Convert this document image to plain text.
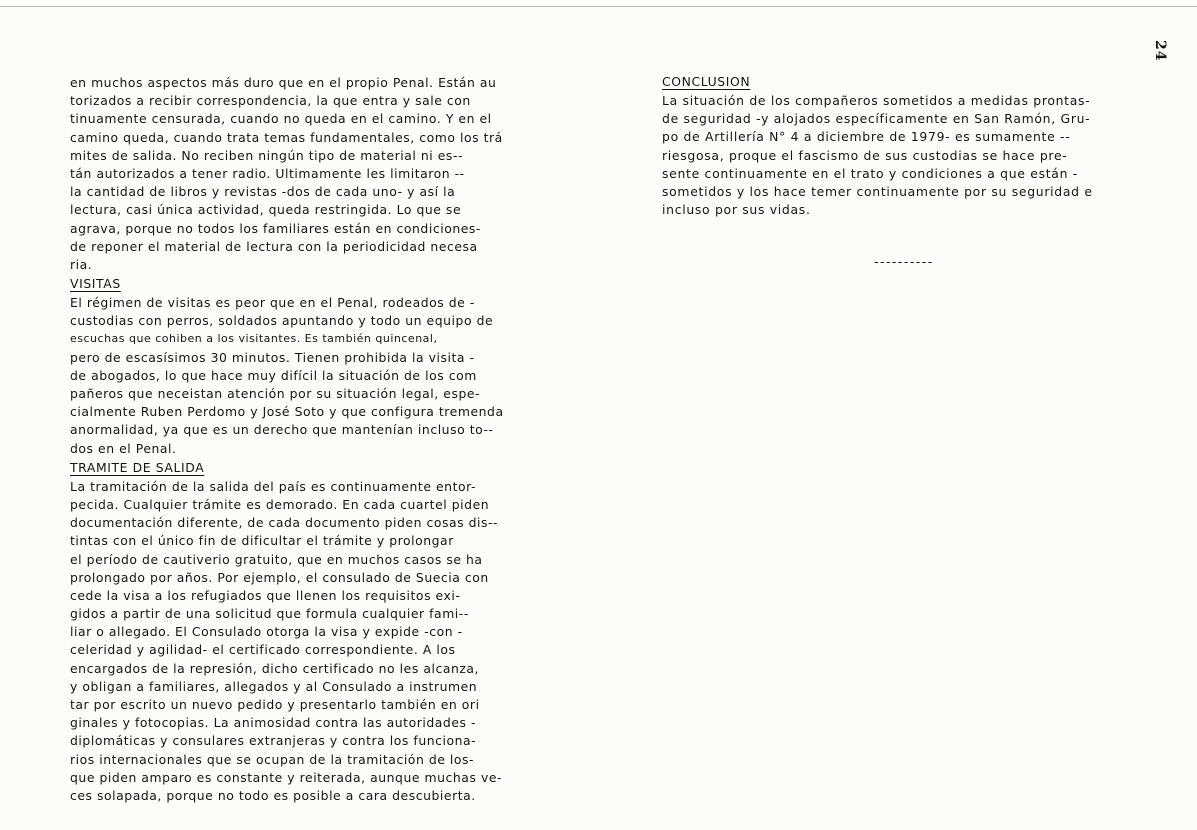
24
en muchos aspectos más duro que en el propio Penal. Están au
torizados a recibir correspondencia, la que entra y sale con
tinuamente censurada, cuando no queda en el camino. Y en el
camino queda, cuando trata temas fundamentales, como los trá
mites de salida. No reciben ningún tipo de material ni es--
tán autorizados a tener radio. Ultimamente les limitaron --
la cantidad de libros y revistas -dos de cada uno- y así la
lectura, casi única actividad, queda restringida. Lo que se
agrava, porque no todos los familiares están en condiciones-
de reponer el material de lectura con la periodicidad necesa
ria.
VISITAS
El régimen de visitas es peor que en el Penal, rodeados de -
custodias con perros, soldados apuntando y todo un equipo de
escuchas que cohiben a los visitantes. Es también quincenal,
pero de escasísimos 30 minutos. Tienen prohibida la visita -
de abogados, lo que hace muy difícil la situación de los com
pañeros que neceistan atención por su situación legal, espe-
cialmente Ruben Perdomo y José Soto y que configura tremenda
anormalidad, ya que es un derecho que mantenían incluso to--
dos en el Penal.
TRAMITE DE SALIDA
La tramitación de la salida del país es continuamente entor-
pecida. Cualquier trámite es demorado. En cada cuartel piden
documentación diferente, de cada documento piden cosas dis--
tintas con el único fin de dificultar el trámite y prolongar
el período de cautiverio gratuito, que en muchos casos se ha
prolongado por años. Por ejemplo, el consulado de Suecia con
cede la visa a los refugiados que llenen los requisitos exi-
gidos a partir de una solicitud que formula cualquier fami--
liar o allegado. El Consulado otorga la visa y expide -con -
celeridad y agilidad- el certificado correspondiente. A los
encargados de la represión, dicho certificado no les alcanza,
y obligan a familiares, allegados y al Consulado a instrumen
tar por escrito un nuevo pedido y presentarlo también en ori
ginales y fotocopias. La animosidad contra las autoridades -
diplomáticas y consulares extranjeras y contra los funciona-
rios internacionales que se ocupan de la tramitación de los-
que piden amparo es constante y reiterada, aunque muchas ve-
ces solapada, porque no todo es posible a cara descubierta.
CONCLUSION
La situación de los compañeros sometidos a medidas prontas-
de seguridad -y alojados específicamente en San Ramón, Gru-
po de Artillería N° 4 a diciembre de 1979- es sumamente --
riesgosa, proque el fascismo de sus custodias se hace pre-
sente continuamente en el trato y condiciones a que están -
sometidos y los hace temer continuamente por su seguridad e
incluso por sus vidas.
----------
